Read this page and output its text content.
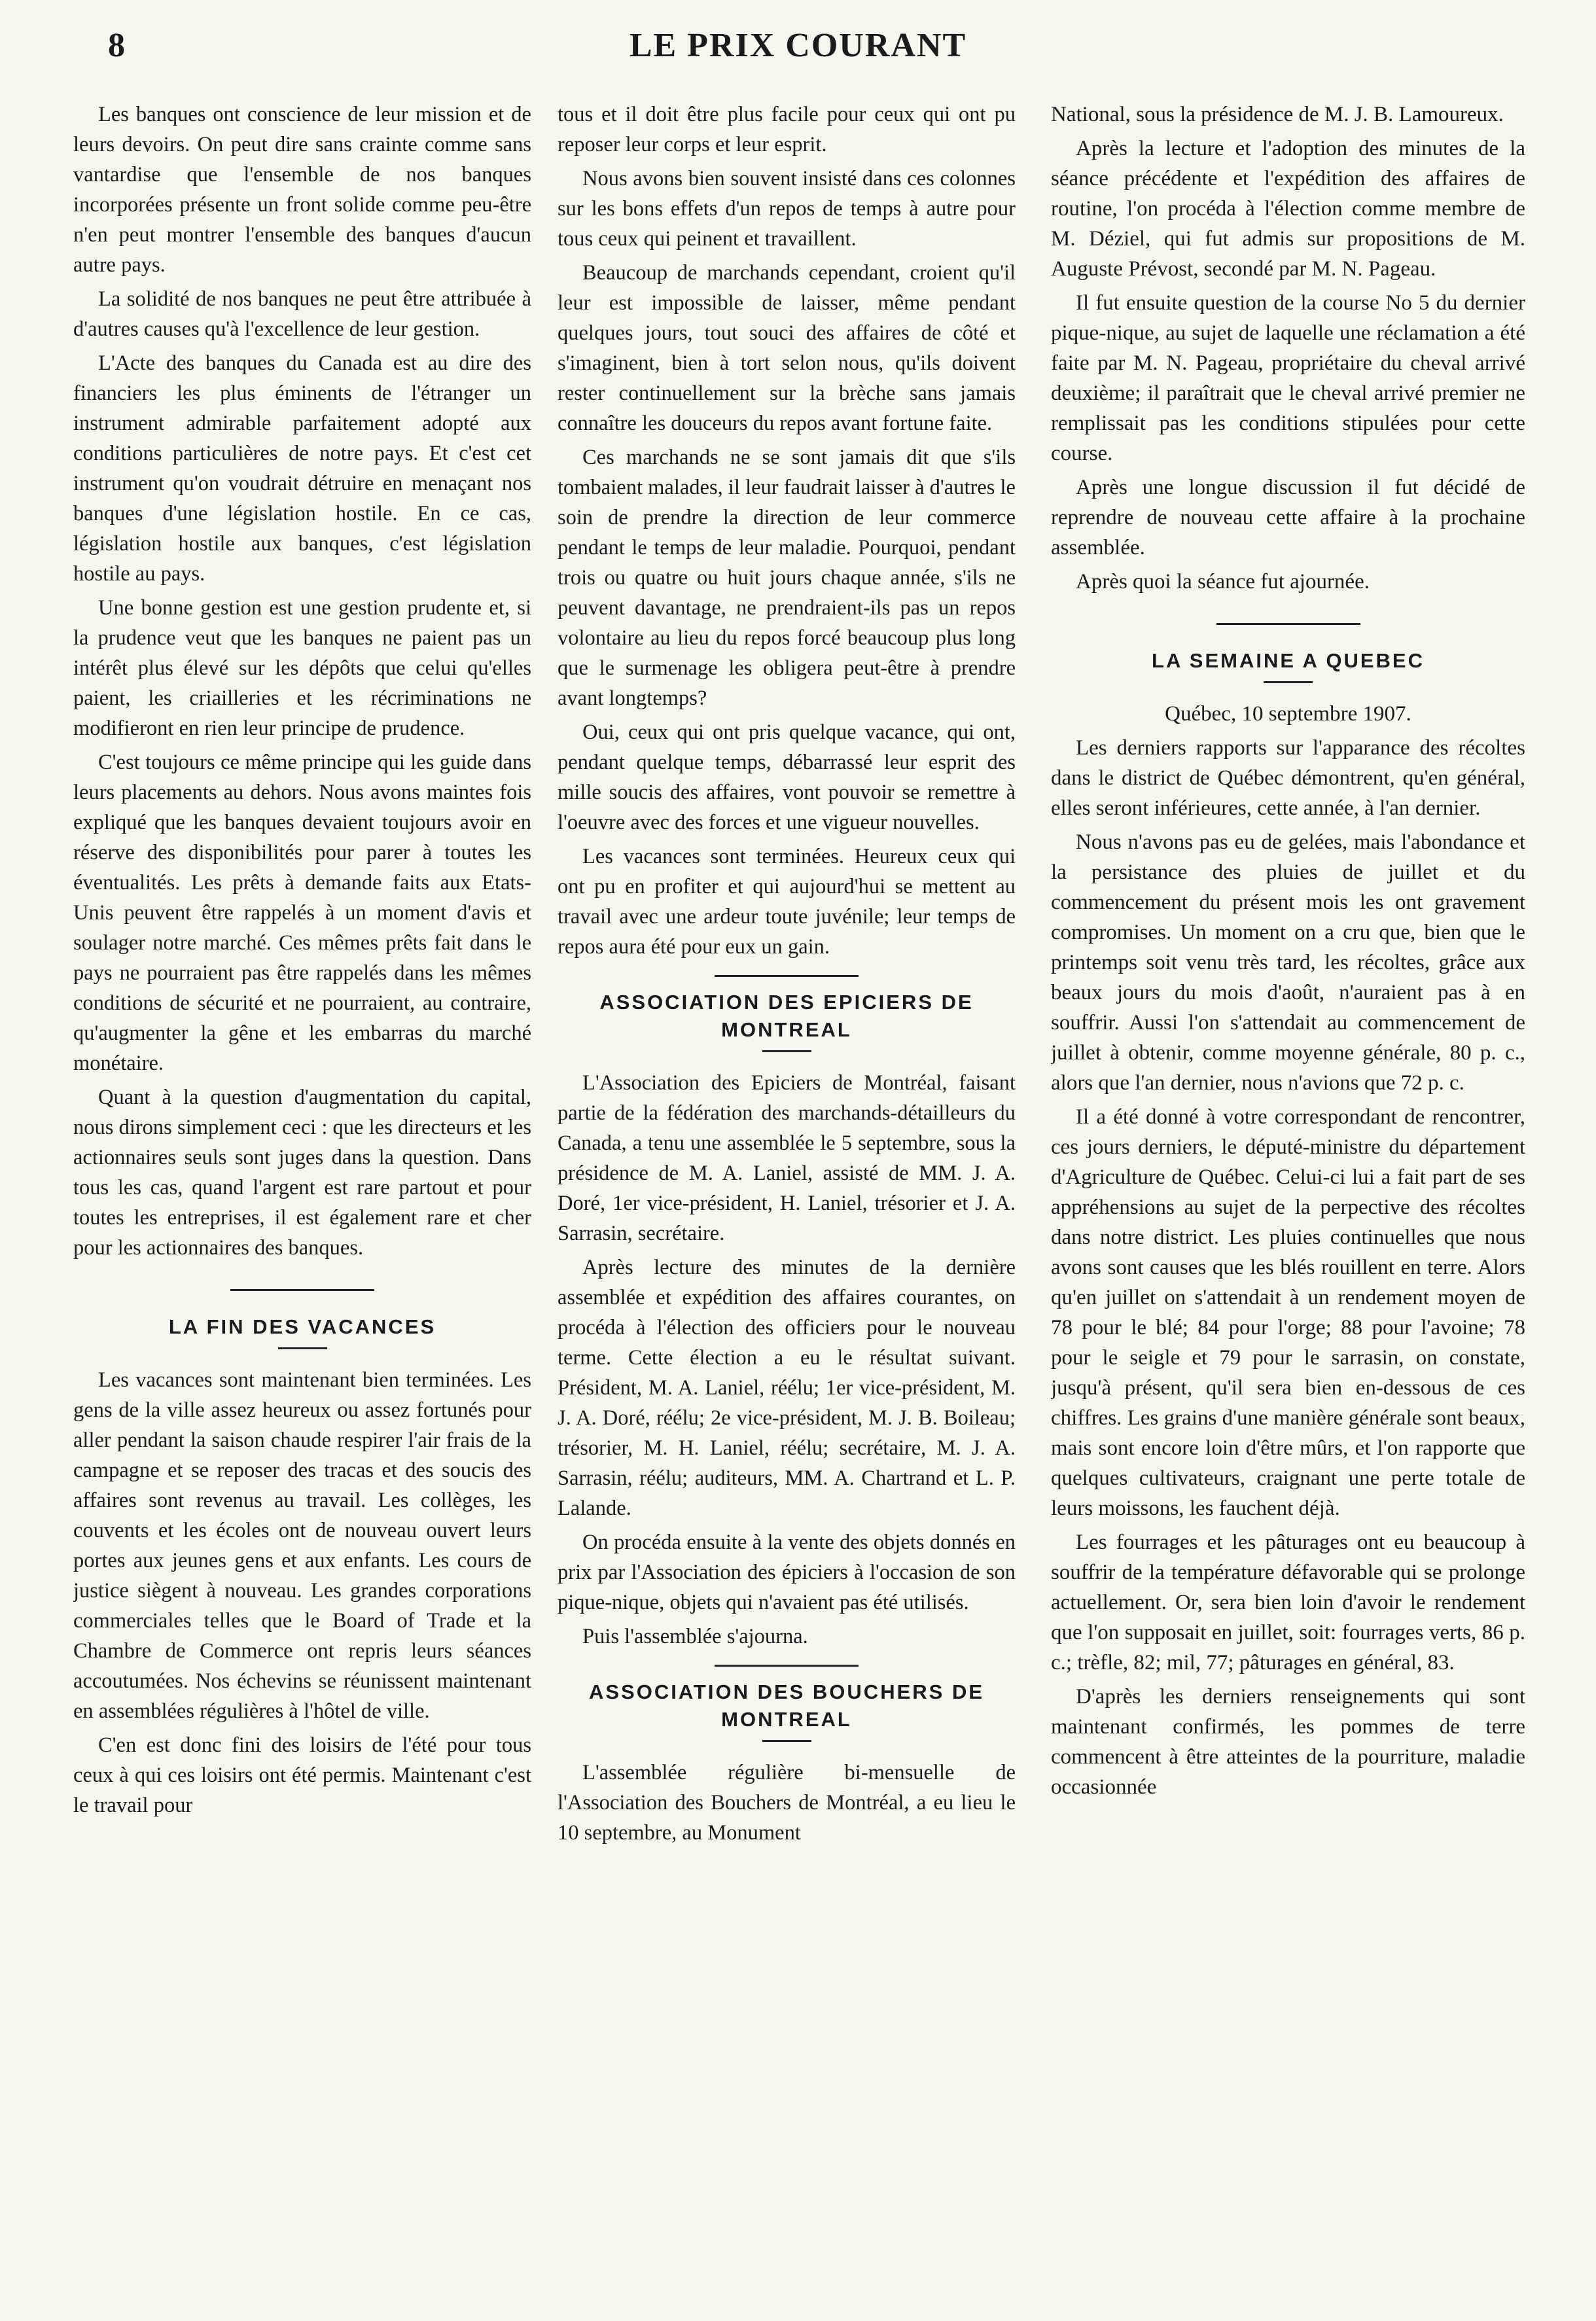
8	LE PRIX COURANT

Les banques ont conscience de leur mission et de leurs devoirs. On peut dire sans crainte comme sans vantardise que l'ensemble de nos banques incorporées présente un front solide comme peu-être n'en peut montrer l'ensemble des banques d'aucun autre pays.

La solidité de nos banques ne peut être attribuée à d'autres causes qu'à l'excellence de leur gestion.

L'Acte des banques du Canada est au dire des financiers les plus éminents de l'étranger un instrument admirable parfaitement adopté aux conditions particulières de notre pays. Et c'est cet instrument qu'on voudrait détruire en menaçant nos banques d'une législation hostile. En ce cas, législation hostile aux banques, c'est législation hostile au pays.

Une bonne gestion est une gestion prudente et, si la prudence veut que les banques ne paient pas un intérêt plus élevé sur les dépôts que celui qu'elles paient, les criailleries et les récriminations ne modifieront en rien leur principe de prudence.

C'est toujours ce même principe qui les guide dans leurs placements au dehors. Nous avons maintes fois expliqué que les banques devaient toujours avoir en réserve des disponibilités pour parer à toutes les éventualités. Les prêts à demande faits aux Etats-Unis peuvent être rappelés à un moment d'avis et soulager notre marché. Ces mêmes prêts fait dans le pays ne pourraient pas être rappelés dans les mêmes conditions de sécurité et ne pourraient, au contraire, qu'augmenter la gêne et les embarras du marché monétaire.

Quant à la question d'augmentation du capital, nous dirons simplement ceci : que les directeurs et les actionnaires seuls sont juges dans la question. Dans tous les cas, quand l'argent est rare partout et pour toutes les entreprises, il est également rare et cher pour les actionnaires des banques.

LA FIN DES VACANCES

Les vacances sont maintenant bien terminées. Les gens de la ville assez heureux ou assez fortunés pour aller pendant la saison chaude respirer l'air frais de la campagne et se reposer des tracas et des soucis des affaires sont revenus au travail. Les collèges, les couvents et les écoles ont de nouveau ouvert leurs portes aux jeunes gens et aux enfants. Les cours de justice siègent à nouveau. Les grandes corporations commerciales telles que le Board of Trade et la Chambre de Commerce ont repris leurs séances accoutumées. Nos échevins se réunissent maintenant en assemblées régulières à l'hôtel de ville.

C'en est donc fini des loisirs de l'été pour tous ceux à qui ces loisirs ont été permis. Maintenant c'est le travail pour

tous et il doit être plus facile pour ceux qui ont pu reposer leur corps et leur esprit.

Nous avons bien souvent insisté dans ces colonnes sur les bons effets d'un repos de temps à autre pour tous ceux qui peinent et travaillent.

Beaucoup de marchands cependant, croient qu'il leur est impossible de laisser, même pendant quelques jours, tout souci des affaires de côté et s'imaginent, bien à tort selon nous, qu'ils doivent rester continuellement sur la brèche sans jamais connaître les douceurs du repos avant fortune faite.

Ces marchands ne se sont jamais dit que s'ils tombaient malades, il leur faudrait laisser à d'autres le soin de prendre la direction de leur commerce pendant le temps de leur maladie. Pourquoi, pendant trois ou quatre ou huit jours chaque année, s'ils ne peuvent davantage, ne prendraient-ils pas un repos volontaire au lieu du repos forcé beaucoup plus long que le surmenage les obligera peut-être à prendre avant longtemps?

Oui, ceux qui ont pris quelque vacance, qui ont, pendant quelque temps, débarrassé leur esprit des mille soucis des affaires, vont pouvoir se remettre à l'oeuvre avec des forces et une vigueur nouvelles.

Les vacances sont terminées. Heureux ceux qui ont pu en profiter et qui aujourd'hui se mettent au travail avec une ardeur toute juvénile; leur temps de repos aura été pour eux un gain.

ASSOCIATION DES EPICIERS DE MONTREAL

L'Association des Epiciers de Montréal, faisant partie de la fédération des marchands-détailleurs du Canada, a tenu une assemblée le 5 septembre, sous la présidence de M. A. Laniel, assisté de MM. J. A. Doré, 1er vice-président, H. Laniel, trésorier et J. A. Sarrasin, secrétaire.

Après lecture des minutes de la dernière assemblée et expédition des affaires courantes, on procéda à l'élection des officiers pour le nouveau terme. Cette élection a eu le résultat suivant. Président, M. A. Laniel, réélu; 1er vice-président, M. J. A. Doré, réélu; 2e vice-président, M. J. B. Boileau; trésorier, M. H. Laniel, réélu; secrétaire, M. J. A. Sarrasin, réélu; auditeurs, MM. A. Chartrand et L. P. Lalande.

On procéda ensuite à la vente des objets donnés en prix par l'Association des épiciers à l'occasion de son pique-nique, objets qui n'avaient pas été utilisés.

Puis l'assemblée s'ajourna.

ASSOCIATION DES BOUCHERS DE MONTREAL

L'assemblée régulière bi-mensuelle de l'Association des Bouchers de Montréal, a eu lieu le 10 septembre, au Monument

National, sous la présidence de M. J. B. Lamoureux.

Après la lecture et l'adoption des minutes de la séance précédente et l'expédition des affaires de routine, l'on procéda à l'élection comme membre de M. Déziel, qui fut admis sur propositions de M. Auguste Prévost, secondé par M. N. Pageau.

Il fut ensuite question de la course No 5 du dernier pique-nique, au sujet de laquelle une réclamation a été faite par M. N. Pageau, propriétaire du cheval arrivé deuxième; il paraîtrait que le cheval arrivé premier ne remplissait pas les conditions stipulées pour cette course.

Après une longue discussion il fut décidé de reprendre de nouveau cette affaire à la prochaine assemblée.

Après quoi la séance fut ajournée.

LA SEMAINE A QUEBEC

Québec, 10 septembre 1907.

Les derniers rapports sur l'apparance des récoltes dans le district de Québec démontrent, qu'en général, elles seront inférieures, cette année, à l'an dernier.

Nous n'avons pas eu de gelées, mais l'abondance et la persistance des pluies de juillet et du commencement du présent mois les ont gravement compromises. Un moment on a cru que, bien que le printemps soit venu très tard, les récoltes, grâce aux beaux jours du mois d'août, n'auraient pas à en souffrir. Aussi l'on s'attendait au commencement de juillet à obtenir, comme moyenne générale, 80 p. c., alors que l'an dernier, nous n'avions que 72 p. c.

Il a été donné à votre correspondant de rencontrer, ces jours derniers, le député-ministre du département d'Agriculture de Québec. Celui-ci lui a fait part de ses appréhensions au sujet de la perpective des récoltes dans notre district. Les pluies continuelles que nous avons sont causes que les blés rouillent en terre. Alors qu'en juillet on s'attendait à un rendement moyen de 78 pour le blé; 84 pour l'orge; 88 pour l'avoine; 78 pour le seigle et 79 pour le sarrasin, on constate, jusqu'à présent, qu'il sera bien en-dessous de ces chiffres. Les grains d'une manière générale sont beaux, mais sont encore loin d'être mûrs, et l'on rapporte que quelques cultivateurs, craignant une perte totale de leurs moissons, les fauchent déjà.

Les fourrages et les pâturages ont eu beaucoup à souffrir de la température défavorable qui se prolonge actuellement. Or, sera bien loin d'avoir le rendement que l'on supposait en juillet, soit: fourrages verts, 86 p. c.; trèfle, 82; mil, 77; pâturages en général, 83.

D'après les derniers renseignements qui sont maintenant confirmés, les pommes de terre commencent à être atteintes de la pourriture, maladie occasionnée
